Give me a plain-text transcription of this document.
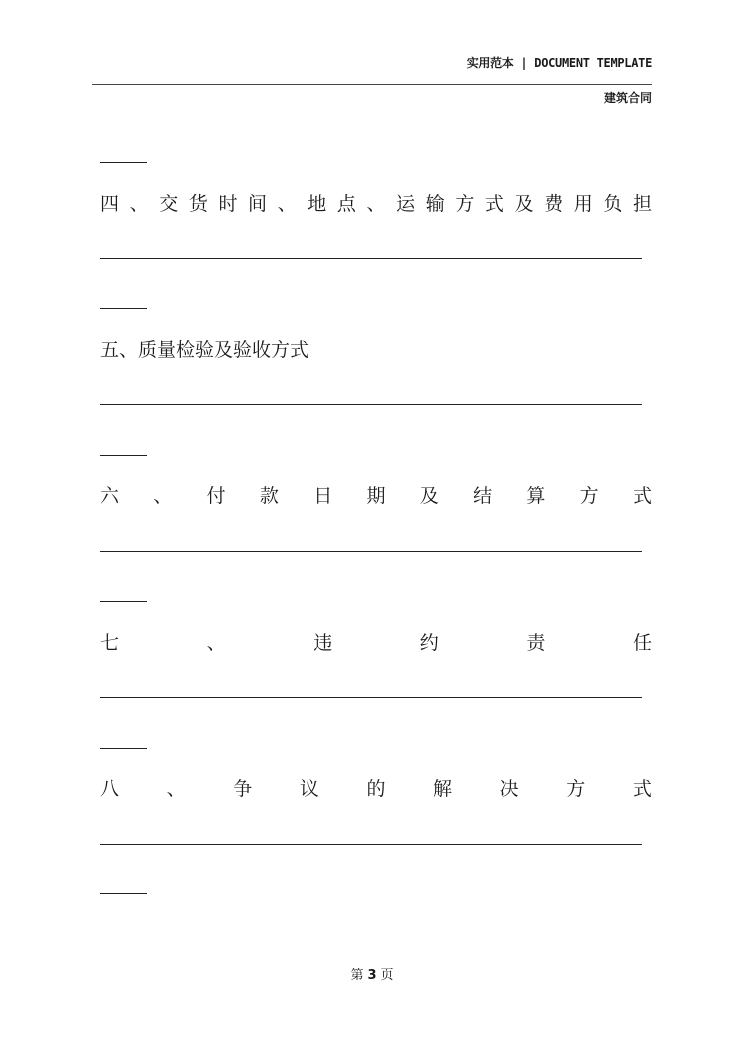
实用范本 | DOCUMENT TEMPLATE
建筑合同
四 、 交 货 时 间 、 地 点 、 运 输 方 式 及 费 用 负 担
五、质量检验及验收方式
六 、 付 款 日 期 及 结 算 方 式
七	、	违	约	责	任
八	、	争	议	的	解	决	方	式
第 3 页
